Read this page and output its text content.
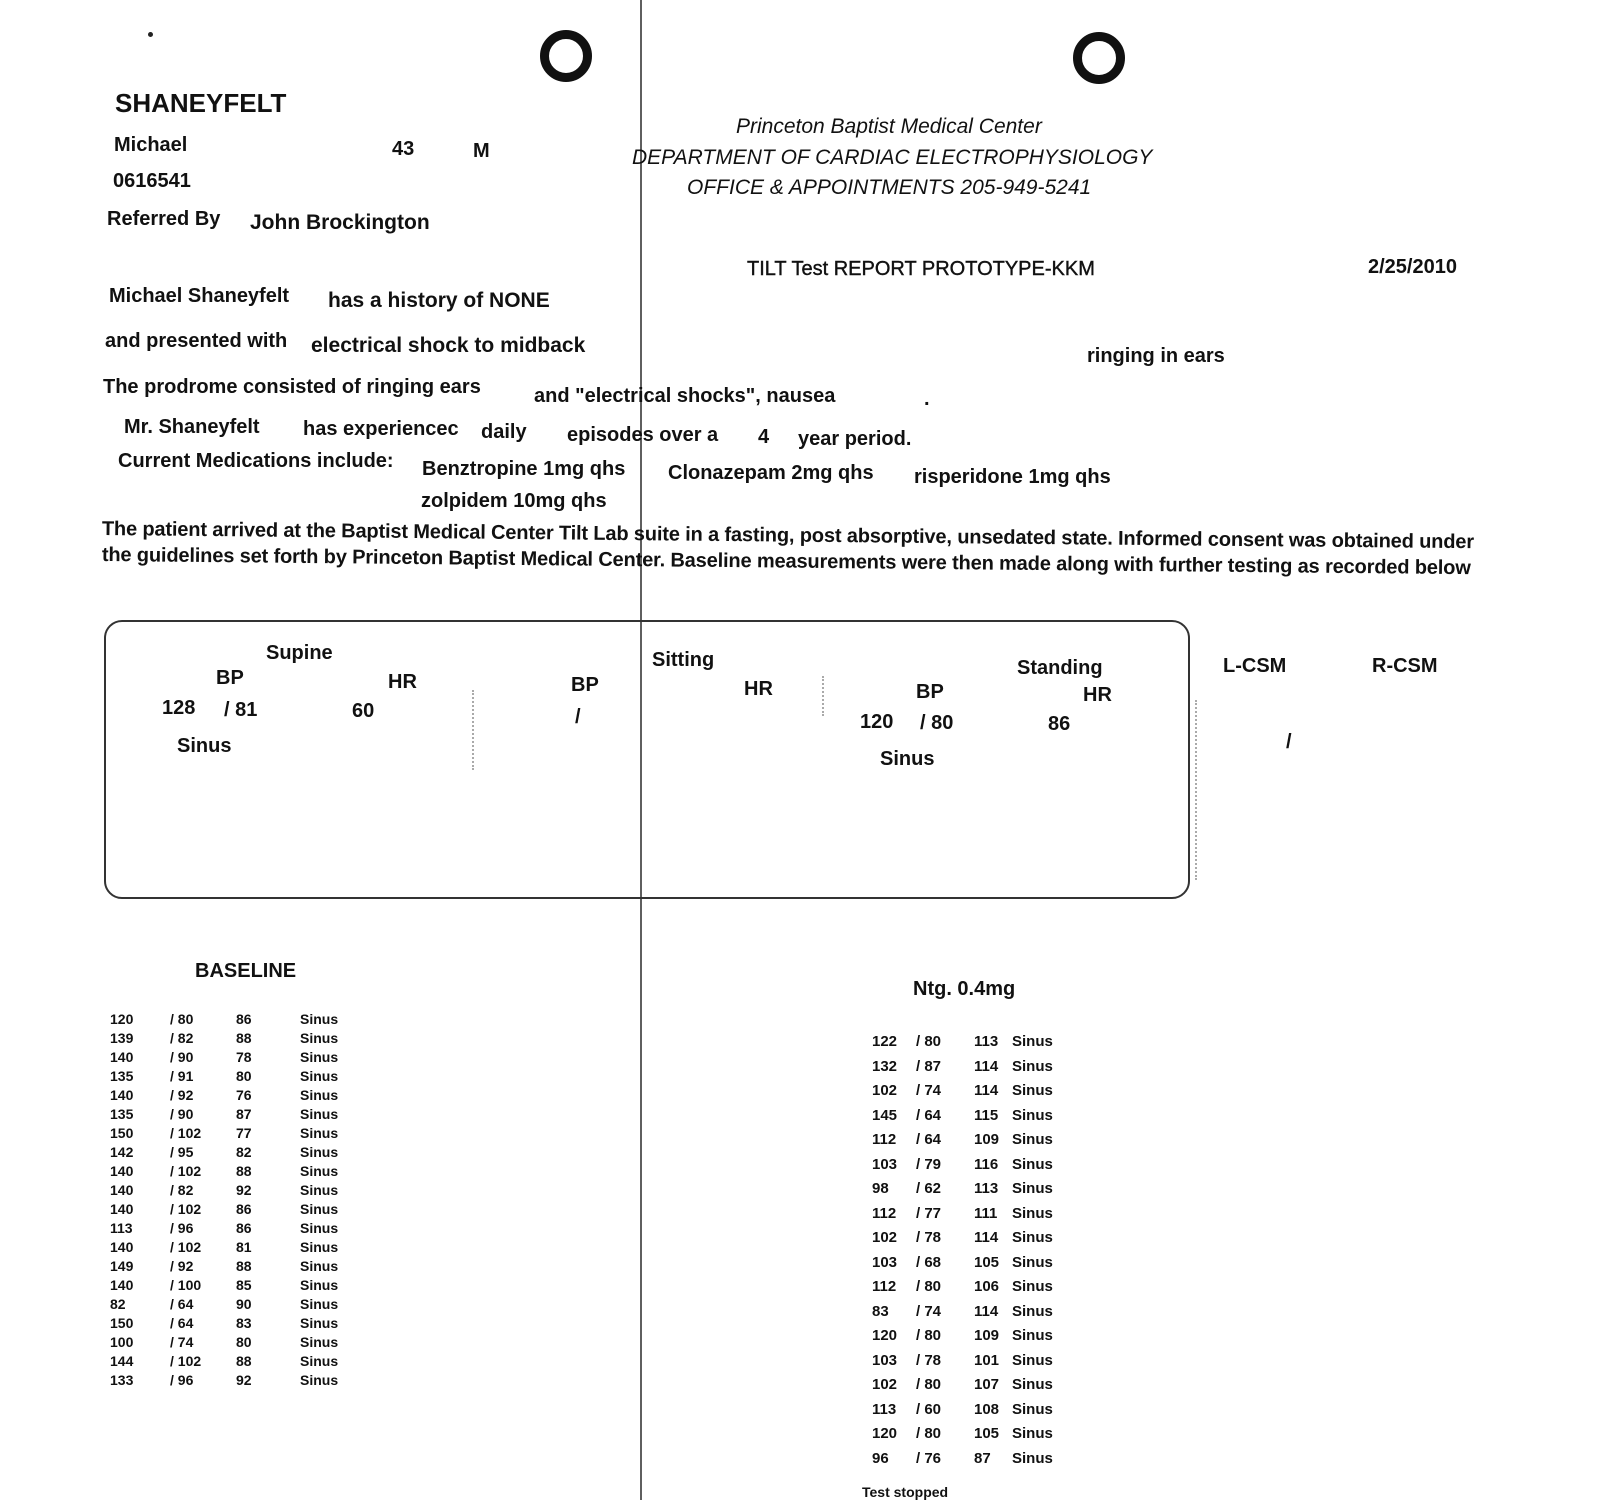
SHANEYFELT
Michael	43	M
0616541
Referred By John Brockington
Princeton Baptist Medical Center
DEPARTMENT OF CARDIAC ELECTROPHYSIOLOGY
OFFICE & APPOINTMENTS 205-949-5241
TILT Test REPORT PROTOTYPE-KKM	2/25/2010
Michael Shaneyfelt has a history of NONE
and presented with electrical shock to midback	ringing in ears
The prodrome consisted of ringing ears	and "electrical shocks", nausea	.
Mr. Shaneyfelt has experiencec daily episodes over a 4 year period.
Current Medications include: Benztropine 1mg qhs Clonazepam 2mg qhs risperidone 1mg qhs
zolpidem 10mg qhs
The patient arrived at the Baptist Medical Center Tilt Lab suite in a fasting, post absorptive, unsedated state. Informed consent was obtained under
the guidelines set forth by Princeton Baptist Medical Center. Baseline measurements were then made along with further testing as recorded below
Supine
BP	HR
128 / 81	60
Sinus
Sitting
BP	HR
/
Standing
BP	HR
120 / 80	86
Sinus
L-CSM	R-CSM
/
BASELINE
120	/ 80	86	Sinus
139	/ 82	88	Sinus
140	/ 90	78	Sinus
135	/ 91	80	Sinus
140	/ 92	76	Sinus
135	/ 90	87	Sinus
150	/ 102 77	Sinus
142	/ 95	82	Sinus
140	/ 102 88	Sinus
140	/ 82	92	Sinus
140	/ 102 86	Sinus
113	/ 96	86	Sinus
140	/ 102 81	Sinus
149	/ 92	88	Sinus
140	/ 100 85	Sinus
82	/ 64	90	Sinus
150	/ 64	83	Sinus
100	/ 74	80	Sinus
144	/ 102 88	Sinus
133	/ 96	92	Sinus
Ntg. 0.4mg
122 / 80 113 Sinus
132 / 87 114 Sinus
102 / 74 114 Sinus
145 / 64 115 Sinus
112 / 64 109 Sinus
103 / 79 116 Sinus
98 / 62 113 Sinus
112 / 77 111 Sinus
102 / 78 114 Sinus
103 / 68 105 Sinus
112 / 80 106 Sinus
83 / 74 114 Sinus
120 / 80 109 Sinus
103 / 78 101 Sinus
102 / 80 107 Sinus
113 / 60 108 Sinus
120 / 80 105 Sinus
96 / 76 87 Sinus
Test stopped
